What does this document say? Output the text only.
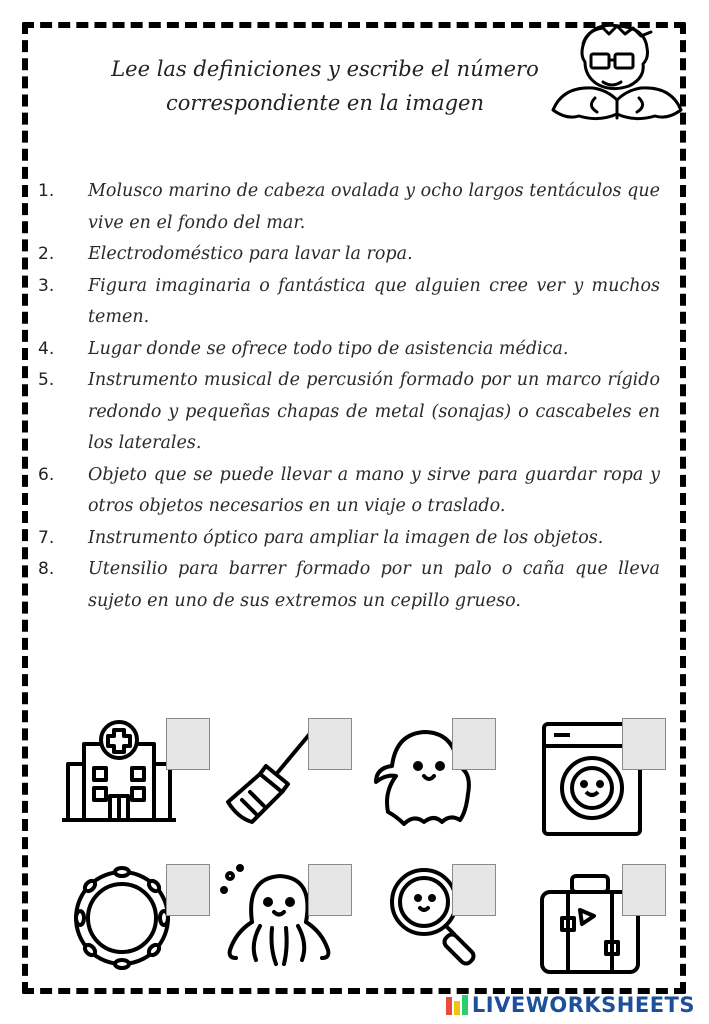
Lee las definiciones y escribe el número
correspondiente en la imagen
1. Molusco marino de cabeza ovalada y ocho largos tentáculos que vive en el fondo del mar.
2. Electrodoméstico para lavar la ropa.
3. Figura imaginaria o fantástica que alguien cree ver y muchos temen.
4. Lugar donde se ofrece todo tipo de asistencia médica.
5. Instrumento musical de percusión formado por un marco rígido redondo y pequeñas chapas de metal (sonajas) o cascabeles en los laterales.
6. Objeto que se puede llevar a mano y sirve para guardar ropa y otros objetos necesarios en un viaje o traslado.
7. Instrumento óptico para ampliar la imagen de los objetos.
8. Utensilio para barrer formado por un palo o caña que lleva sujeto en uno de sus extremos un cepillo grueso.
LIVEWORKSHEETS
